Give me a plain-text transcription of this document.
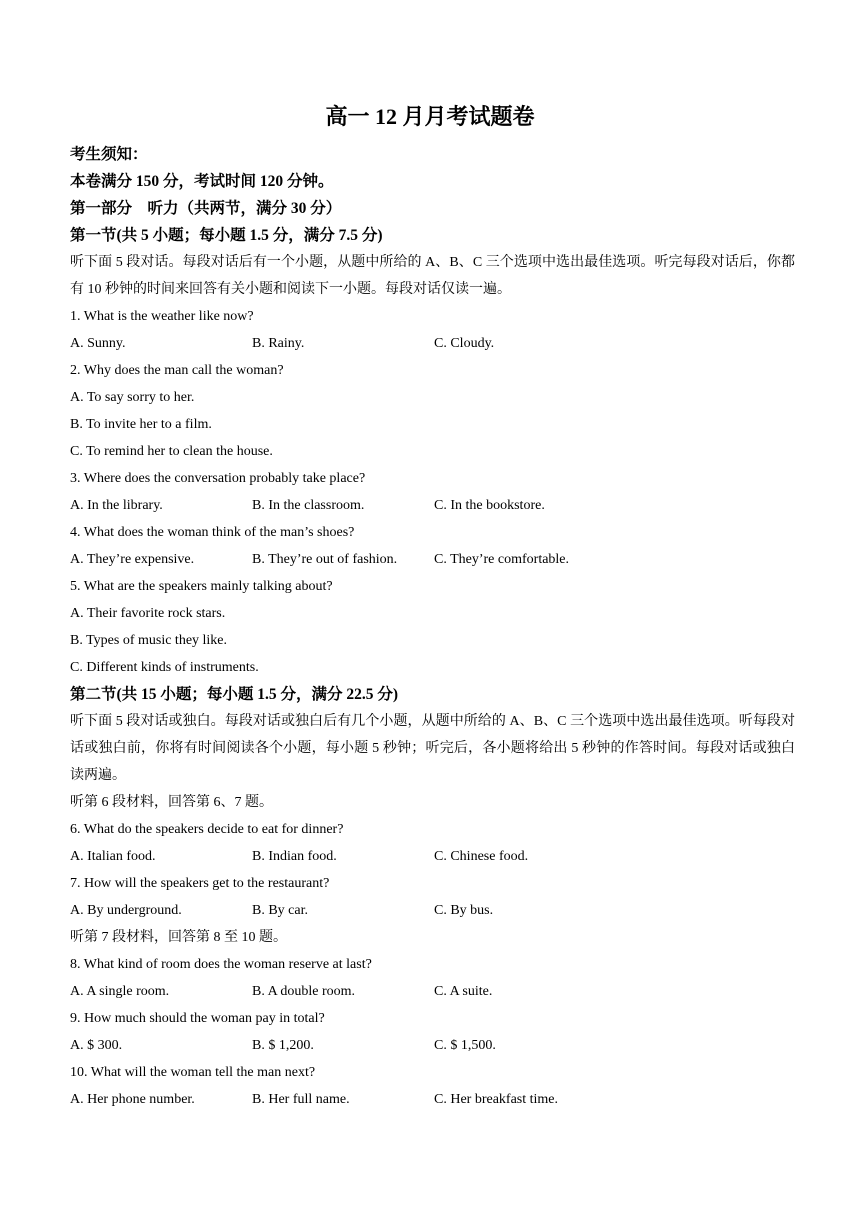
高一 12 月月考试题卷
考生须知：
本卷满分 150 分，考试时间 120 分钟。
第一部分　听力（共两节，满分 30 分）
第一节(共 5 小题；每小题 1.5 分，满分 7.5 分)
听下面 5 段对话。每段对话后有一个小题，从题中所给的 A、B、C 三个选项中选出最佳选项。听完每段对话后，你都有 10 秒钟的时间来回答有关小题和阅读下一小题。每段对话仅读一遍。
1. What is the weather like now?
A. Sunny.	B. Rainy.	C. Cloudy.
2. Why does the man call the woman?
A. To say sorry to her.
B. To invite her to a film.
C. To remind her to clean the house.
3. Where does the conversation probably take place?
A. In the library.	B. In the classroom.	C. In the bookstore.
4. What does the woman think of the man’s shoes?
A. They’re expensive.	B. They’re out of fashion.	C. They’re comfortable.
5. What are the speakers mainly talking about?
A. Their favorite rock stars.
B. Types of music they like.
C. Different kinds of instruments.
第二节(共 15 小题；每小题 1.5 分，满分 22.5 分)
听下面 5 段对话或独白。每段对话或独白后有几个小题，从题中所给的 A、B、C 三个选项中选出最佳选项。听每段对话或独白前，你将有时间阅读各个小题，每小题 5 秒钟；听完后，各小题将给出 5 秒钟的作答时间。每段对话或独白读两遍。
听第 6 段材料，回答第 6、7 题。
6. What do the speakers decide to eat for dinner?
A. Italian food.	B. Indian food.	C. Chinese food.
7. How will the speakers get to the restaurant?
A. By underground.	B. By car.	C. By bus.
听第 7 段材料，回答第 8 至 10 题。
8. What kind of room does the woman reserve at last?
A. A single room.	B. A double room.	C. A suite.
9. How much should the woman pay in total?
A. $ 300.	B. $ 1,200.	C. $ 1,500.
10. What will the woman tell the man next?
A. Her phone number.	B. Her full name.	C. Her breakfast time.
